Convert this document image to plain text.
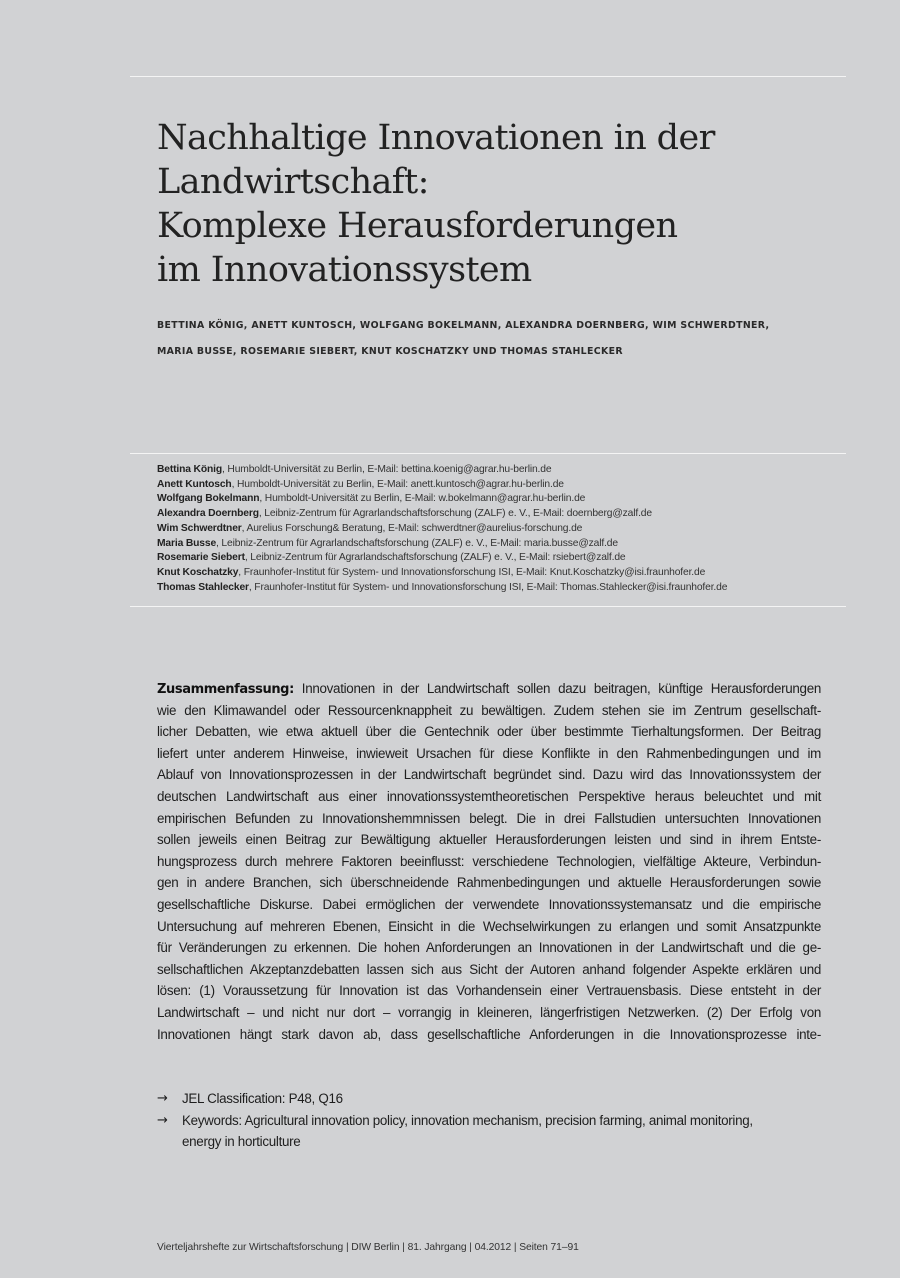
Nachhaltige Innovationen in der
Landwirtschaft:
Komplexe Herausforderungen
im Innovationssystem
BETTINA KÖNIG, ANETT KUNTOSCH, WOLFGANG BOKELMANN, ALEXANDRA DOERNBERG, WIM SCHWERDTNER,
MARIA BUSSE, ROSEMARIE SIEBERT, KNUT KOSCHATZKY UND THOMAS STAHLECKER
Bettina König, Humboldt-Universität zu Berlin, E-Mail: bettina.koenig@agrar.hu-berlin.de
Anett Kuntosch, Humboldt-Universität zu Berlin, E-Mail: anett.kuntosch@agrar.hu-berlin.de
Wolfgang Bokelmann, Humboldt-Universität zu Berlin, E-Mail: w.bokelmann@agrar.hu-berlin.de
Alexandra Doernberg, Leibniz-Zentrum für Agrarlandschaftsforschung (ZALF) e. V., E-Mail: doernberg@zalf.de
Wim Schwerdtner, Aurelius Forschung& Beratung, E-Mail: schwerdtner@aurelius-forschung.de
Maria Busse, Leibniz-Zentrum für Agrarlandschaftsforschung (ZALF) e. V., E-Mail: maria.busse@zalf.de
Rosemarie Siebert, Leibniz-Zentrum für Agrarlandschaftsforschung (ZALF) e. V., E-Mail: rsiebert@zalf.de
Knut Koschatzky, Fraunhofer-Institut für System- und Innovationsforschung ISI, E-Mail: Knut.Koschatzky@isi.fraunhofer.de
Thomas Stahlecker, Fraunhofer-Institut für System- und Innovationsforschung ISI, E-Mail: Thomas.Stahlecker@isi.fraunhofer.de
Zusammenfassung: Innovationen in der Landwirtschaft sollen dazu beitragen, künftige Herausforderungen
wie den Klimawandel oder Ressourcenknappheit zu bewältigen. Zudem stehen sie im Zentrum gesellschaft-
licher Debatten, wie etwa aktuell über die Gentechnik oder über bestimmte Tierhaltungsformen. Der Beitrag
liefert unter anderem Hinweise, inwieweit Ursachen für diese Konflikte in den Rahmenbedingungen und im
Ablauf von Innovationsprozessen in der Landwirtschaft begründet sind. Dazu wird das Innovationssystem der
deutschen Landwirtschaft aus einer innovationssystemtheoretischen Perspektive heraus beleuchtet und mit
empirischen Befunden zu Innovationshemmnissen belegt. Die in drei Fallstudien untersuchten Innovationen
sollen jeweils einen Beitrag zur Bewältigung aktueller Herausforderungen leisten und sind in ihrem Entste-
hungsprozess durch mehrere Faktoren beeinflusst: verschiedene Technologien, vielfältige Akteure, Verbindun-
gen in andere Branchen, sich überschneidende Rahmenbedingungen und aktuelle Herausforderungen sowie
gesellschaftliche Diskurse. Dabei ermöglichen der verwendete Innovationssystemansatz und die empirische
Untersuchung auf mehreren Ebenen, Einsicht in die Wechselwirkungen zu erlangen und somit Ansatzpunkte
für Veränderungen zu erkennen. Die hohen Anforderungen an Innovationen in der Landwirtschaft und die ge-
sellschaftlichen Akzeptanzdebatten lassen sich aus Sicht der Autoren anhand folgender Aspekte erklären und
lösen: (1) Voraussetzung für Innovation ist das Vorhandensein einer Vertrauensbasis. Diese entsteht in der
Landwirtschaft – und nicht nur dort – vorrangig in kleineren, längerfristigen Netzwerken. (2) Der Erfolg von
Innovationen hängt stark davon ab, dass gesellschaftliche Anforderungen in die Innovationsprozesse inte-
→	JEL Classification: P48, Q16
→	Keywords: Agricultural innovation policy, innovation mechanism, precision farming, animal monitoring,
energy in horticulture
Vierteljahrshefte zur Wirtschaftsforschung | DIW Berlin | 81. Jahrgang | 04.2012 | Seiten 71–91
